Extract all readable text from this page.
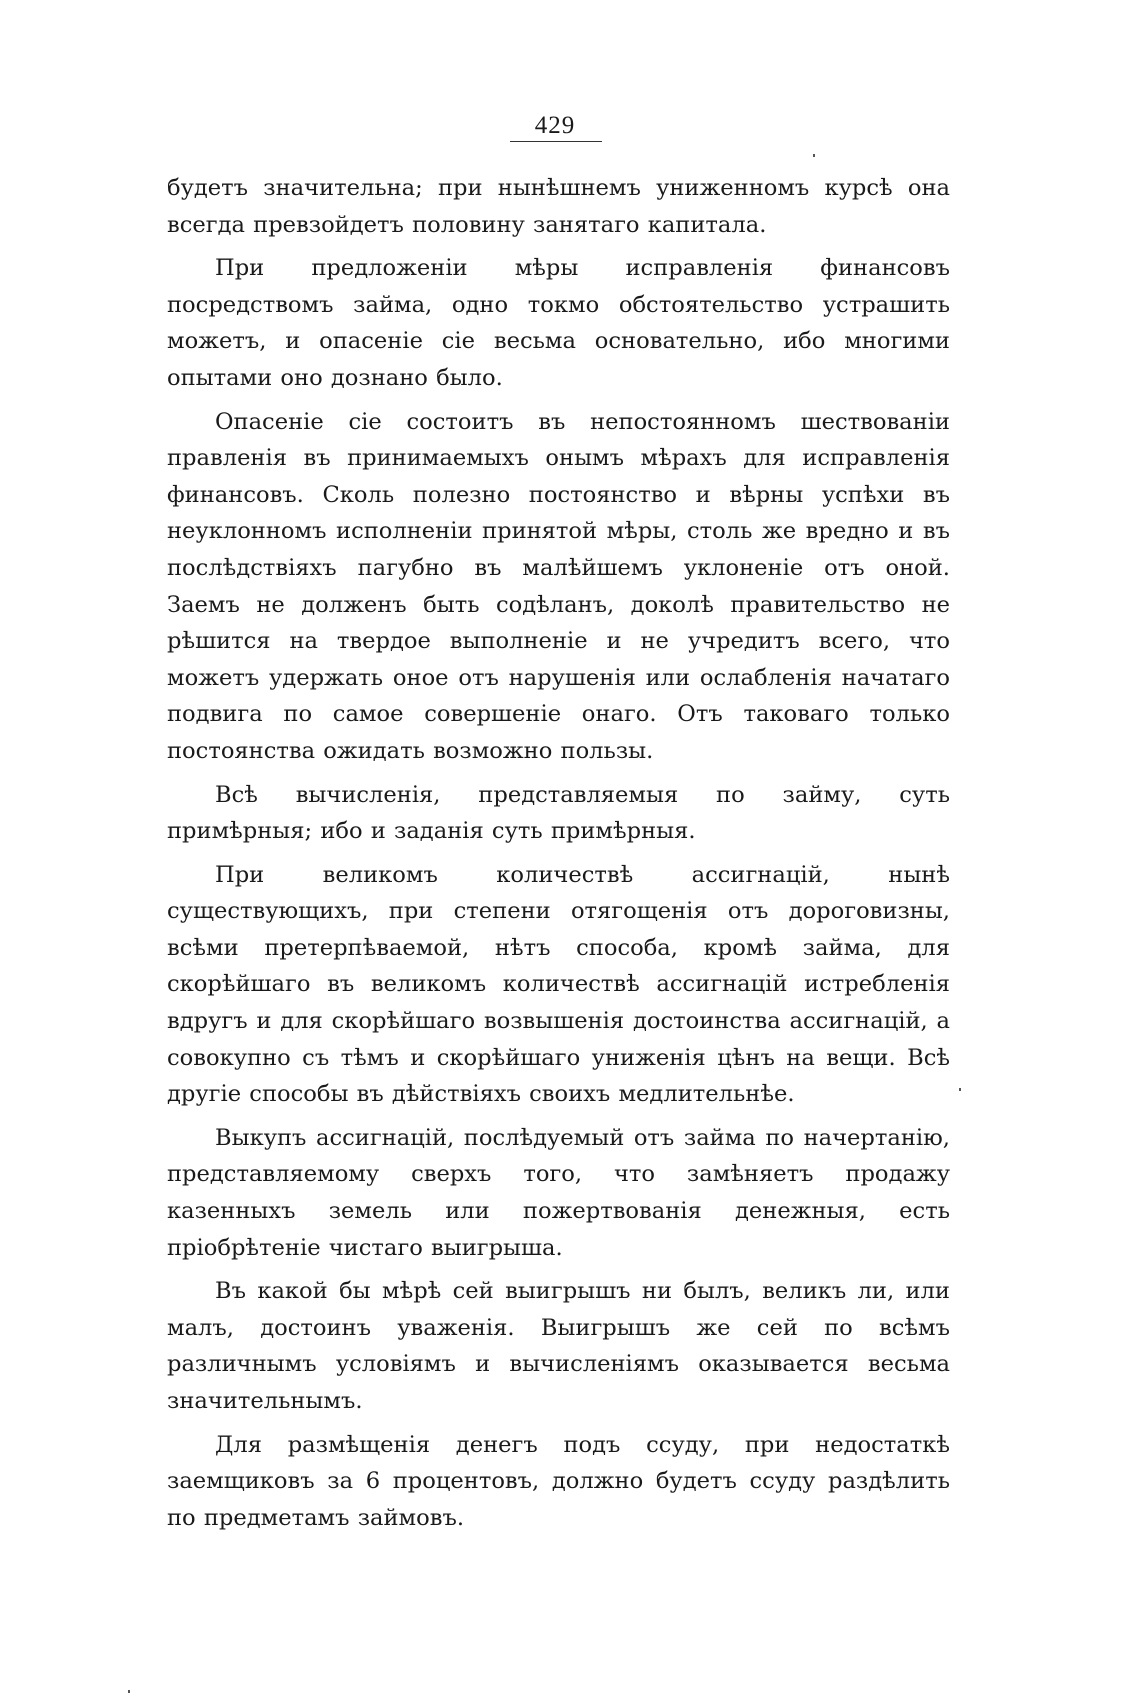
429

будетъ значительна; при нынѣшнемъ униженномъ курсѣ она всегда превзойдетъ половину занятаго капитала.

При предложеніи мѣры исправленія финансовъ посредствомъ займа, одно токмо обстоятельство устрашить можетъ, и опасеніе сіе весьма основательно, ибо многими опытами оно дознано было.

Опасеніе сіе состоитъ въ непостоянномъ шествованіи правленія въ принимаемыхъ онымъ мѣрахъ для исправленія финансовъ. Сколь полезно постоянство и вѣрны успѣхи въ неуклонномъ исполненіи принятой мѣры, столь же вредно и въ послѣдствіяхъ пагубно въ малѣйшемъ уклоненіе отъ оной. Заемъ не долженъ быть содѣланъ, доколѣ правительство не рѣшится на твердое выполненіе и не учредитъ всего, что можетъ удержать оное отъ нарушенія или ослабленія начатаго подвига по самое совершеніе онаго. Отъ таковаго только постоянства ожидать возможно пользы.

Всѣ вычисленія, представляемыя по займу, суть примѣрныя; ибо и заданія суть примѣрныя.

При великомъ количествѣ ассигнацій, нынѣ существующихъ, при степени отягощенія отъ дороговизны, всѣми претерпѣваемой, нѣтъ способа, кромѣ займа, для скорѣйшаго въ великомъ количествѣ ассигнацій истребленія вдругъ и для скорѣйшаго возвышенія достоинства ассигнацій, а совокупно съ тѣмъ и скорѣйшаго униженія цѣнъ на вещи. Всѣ другіе способы въ дѣйствіяхъ своихъ медлительнѣе.

Выкупъ ассигнацій, послѣдуемый отъ займа по начертанію, представляемому сверхъ того, что замѣняетъ продажу казенныхъ земель или пожертвованія денежныя, есть пріобрѣтеніе чистаго выигрыша.

Въ какой бы мѣрѣ сей выигрышъ ни былъ, великъ ли, или малъ, достоинъ уваженія. Выигрышъ же сей по всѣмъ различнымъ условіямъ и вычисленіямъ оказывается весьма значительнымъ.

Для размѣщенія денегъ подъ ссуду, при недостаткѣ заемщиковъ за 6 процентовъ, должно будетъ ссуду раздѣлить по предметамъ займовъ.
